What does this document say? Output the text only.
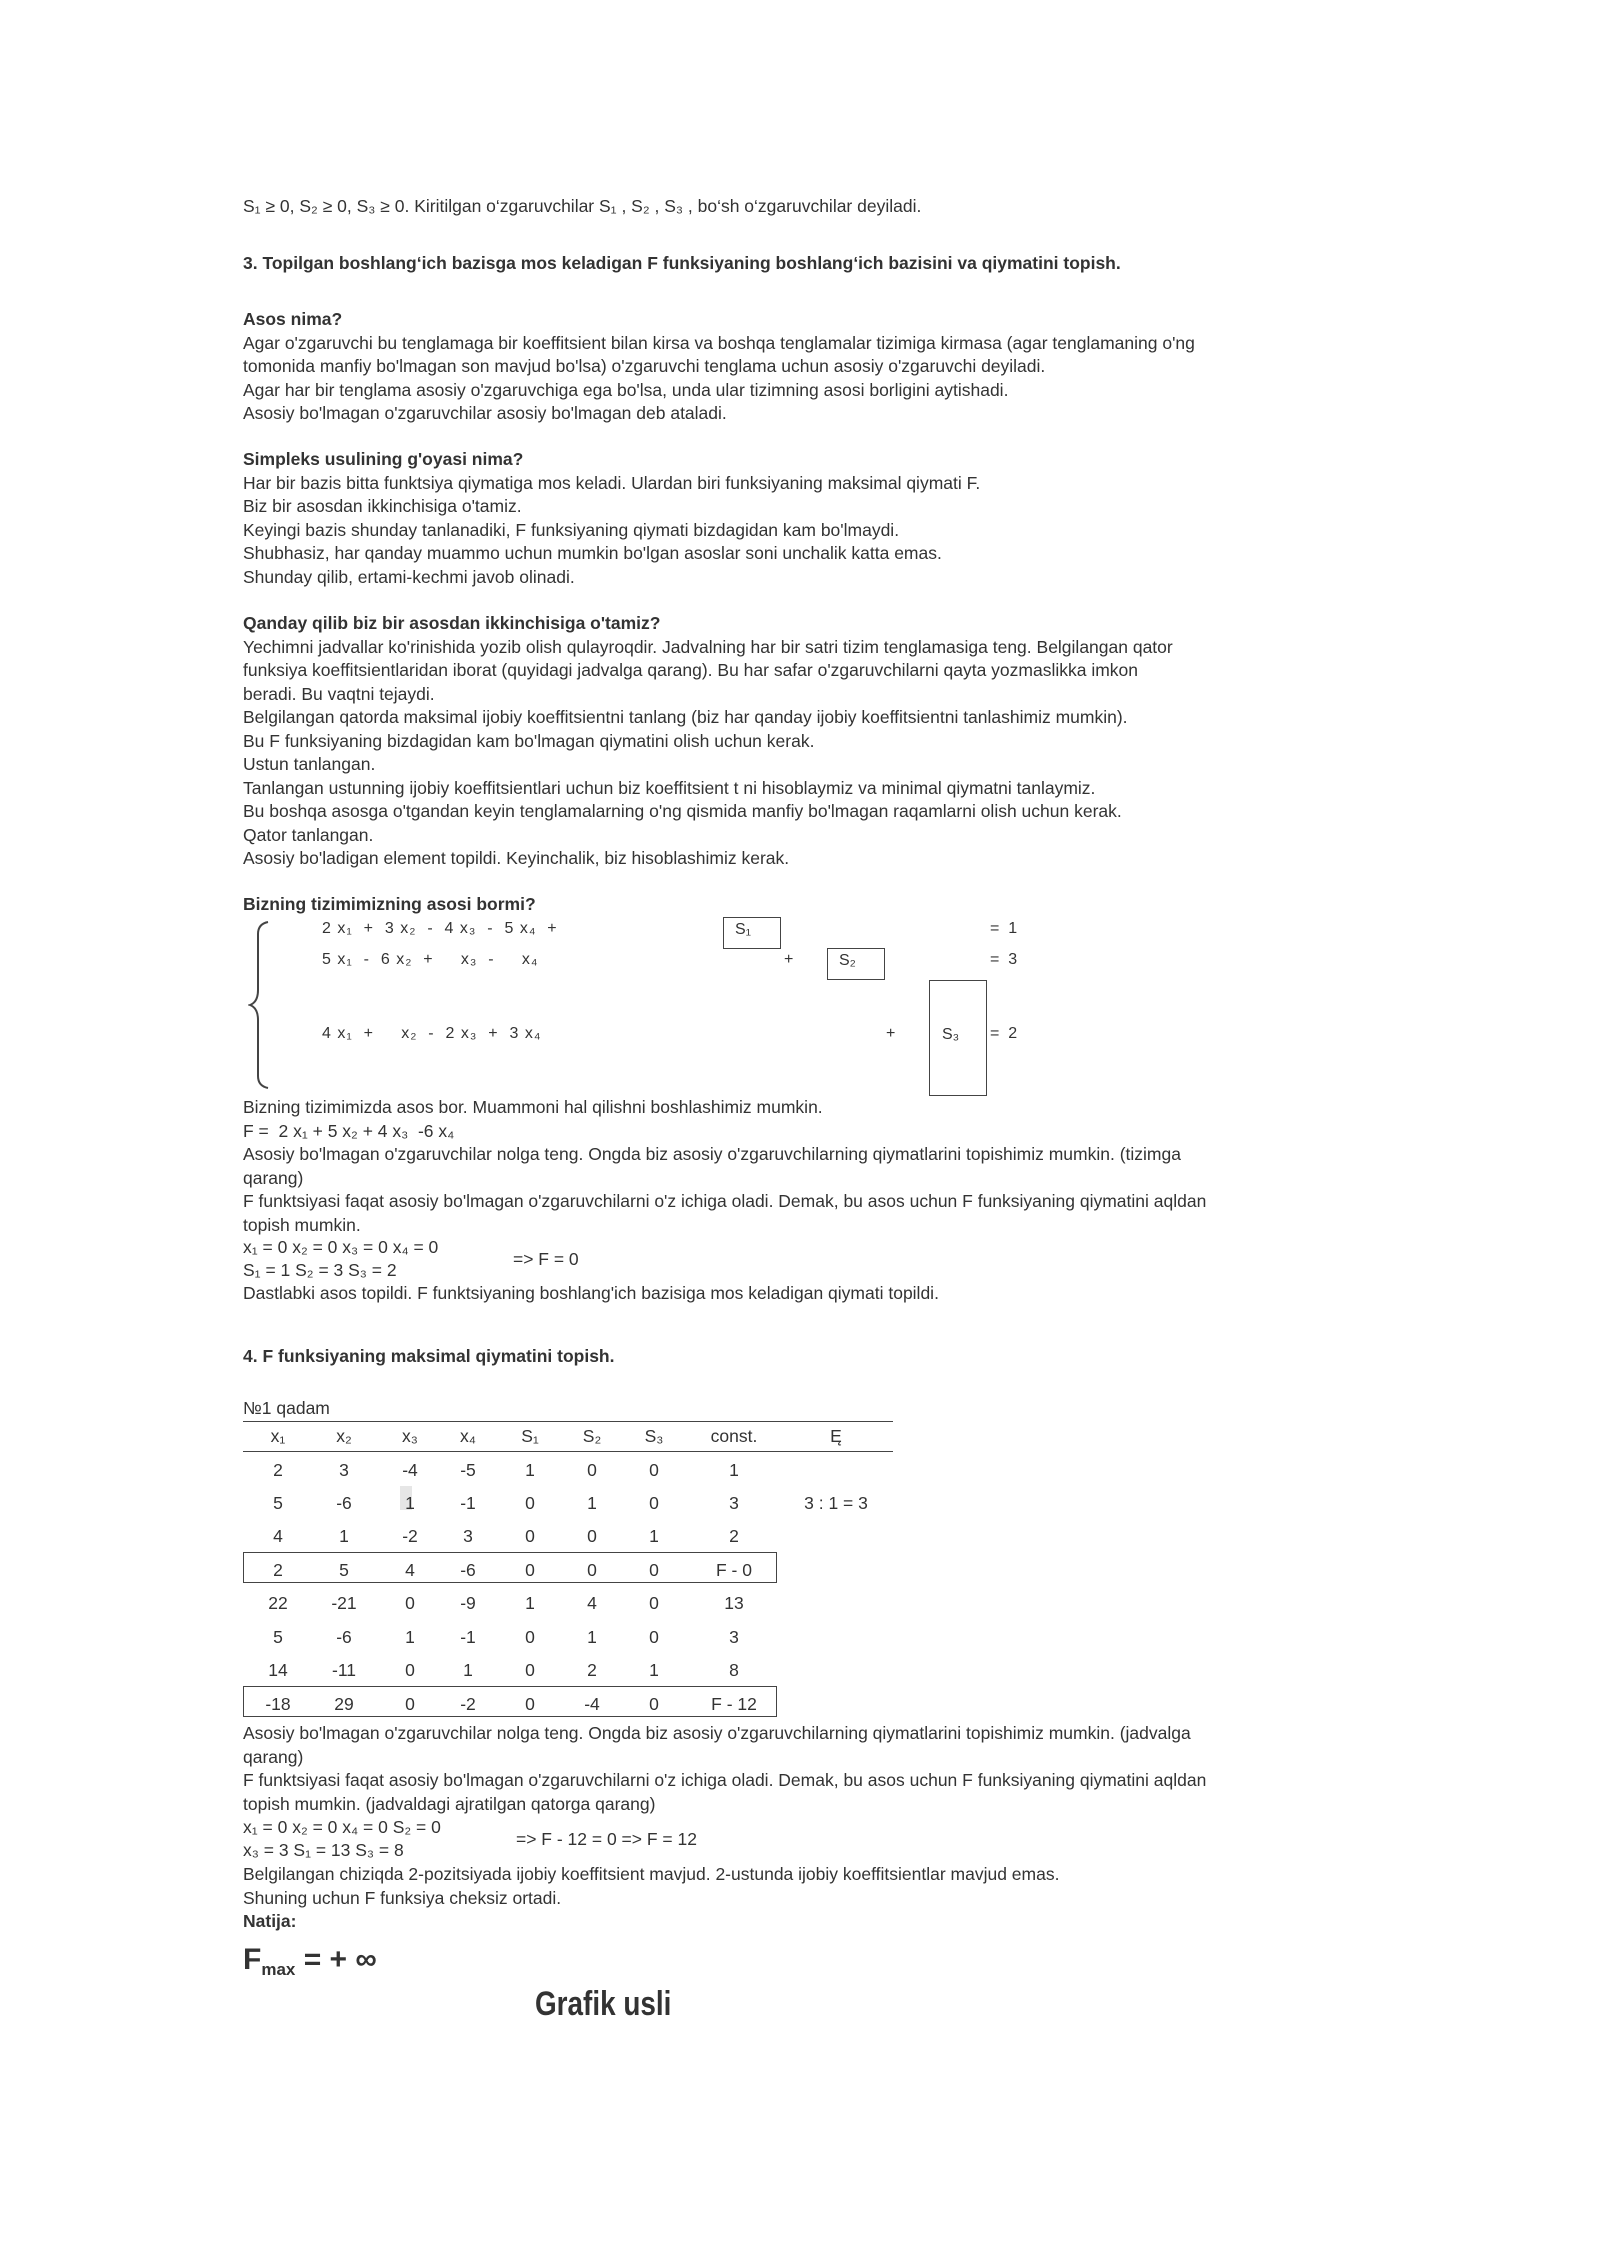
S₁ ≥ 0, S₂ ≥ 0, S₃ ≥ 0. Kiritilgan o‘zgaruvchilar S₁ , S₂ , S₃ , bo‘sh o‘zgaruvchilar deyiladi.
3. Topilgan boshlang‘ich bazisga mos keladigan F funksiyaning boshlang‘ich bazisini va qiymatini topish.
Asos nima?
Agar o'zgaruvchi bu tenglamaga bir koeffitsient bilan kirsa va boshqa tenglamalar tizimiga kirmasa (agar tenglamaning o'ng
tomonida manfiy bo'lmagan son mavjud bo'lsa) o'zgaruvchi tenglama uchun asosiy o'zgaruvchi deyiladi.
Agar har bir tenglama asosiy o'zgaruvchiga ega bo'lsa, unda ular tizimning asosi borligini aytishadi.
Asosiy bo'lmagan o'zgaruvchilar asosiy bo'lmagan deb ataladi.
Simpleks usulining g'oyasi nima?
Har bir bazis bitta funktsiya qiymatiga mos keladi. Ulardan biri funksiyaning maksimal qiymati F.
Biz bir asosdan ikkinchisiga o'tamiz.
Keyingi bazis shunday tanlanadiki, F funksiyaning qiymati bizdagidan kam bo'lmaydi.
Shubhasiz, har qanday muammo uchun mumkin bo'lgan asoslar soni unchalik katta emas.
Shunday qilib, ertami-kechmi javob olinadi.
Qanday qilib biz bir asosdan ikkinchisiga o'tamiz?
Yechimni jadvallar ko'rinishida yozib olish qulayroqdir. Jadvalning har bir satri tizim tenglamasiga teng. Belgilangan qator
funksiya koeffitsientlaridan iborat (quyidagi jadvalga qarang). Bu har safar o'zgaruvchilarni qayta yozmaslikka imkon
beradi. Bu vaqtni tejaydi.
Belgilangan qatorda maksimal ijobiy koeffitsientni tanlang (biz har qanday ijobiy koeffitsientni tanlashimiz mumkin).
Bu F funksiyaning bizdagidan kam bo'lmagan qiymatini olish uchun kerak.
Ustun tanlangan.
Tanlangan ustunning ijobiy koeffitsientlari uchun biz koeffitsient t ni hisoblaymiz va minimal qiymatni tanlaymiz.
Bu boshqa asosga o'tgandan keyin tenglamalarning o'ng qismida manfiy bo'lmagan raqamlarni olish uchun kerak.
Qator tanlangan.
Asosiy bo'ladigan element topildi. Keyinchalik, biz hisoblashimiz kerak.
Bizning tizimimizning asosi bormi?
2 x₁  +  3 x₂  -  4 x₃  -  5 x₄  +
5 x₁  -  6 x₂  +     x₃  -     x₄
4 x₁  +     x₂  -  2 x₃  +  3 x₄
S₁
+	S₂
+	S₃
=  1
=  3
=  2
Bizning tizimimizda asos bor. Muammoni hal qilishni boshlashimiz mumkin.
F =  2 x₁ + 5 x₂ + 4 x₃  -6 x₄
Asosiy bo'lmagan o'zgaruvchilar nolga teng. Ongda biz asosiy o'zgaruvchilarning qiymatlarini topishimiz mumkin. (tizimga
qarang)
F funktsiyasi faqat asosiy bo'lmagan o'zgaruvchilarni o'z ichiga oladi. Demak, bu asos uchun F funksiyaning qiymatini aqldan
topish mumkin.
x₁ = 0 x₂ = 0 x₃ = 0 x₄ = 0
S₁ = 1 S₂ = 3 S₃ = 2
=> F = 0
Dastlabki asos topildi. F funktsiyaning boshlang'ich bazisiga mos keladigan qiymati topildi.
4. F funksiyaning maksimal qiymatini topish.
№1 qadam
x₁	x₂	x₃	x₄	S₁	S₂	S₃	const.	Ę
2	3	-4	-5	1	0	0	1
5	-6	1	-1	0	1	0	3	3 : 1 = 3
4	1	-2	3	0	0	1	2
2	5	4	-6	0	0	0	F - 0
22	-21	0	-9	1	4	0	13
5	-6	1	-1	0	1	0	3
14	-11	0	1	0	2	1	8
-18	29	0	-2	0	-4	0	F - 12
Asosiy bo'lmagan o'zgaruvchilar nolga teng. Ongda biz asosiy o'zgaruvchilarning qiymatlarini topishimiz mumkin. (jadvalga
qarang)
F funktsiyasi faqat asosiy bo'lmagan o'zgaruvchilarni o'z ichiga oladi. Demak, bu asos uchun F funksiyaning qiymatini aqldan
topish mumkin. (jadvaldagi ajratilgan qatorga qarang)
x₁ = 0 x₂ = 0 x₄ = 0 S₂ = 0
x₃ = 3 S₁ = 13 S₃ = 8
=> F - 12 = 0 => F = 12
Belgilangan chiziqda 2-pozitsiyada ijobiy koeffitsient mavjud. 2-ustunda ijobiy koeffitsientlar mavjud emas.
Shuning uchun F funksiya cheksiz ortadi.
Natija:
$F_{max}$ = + ∞
Grafik usli
